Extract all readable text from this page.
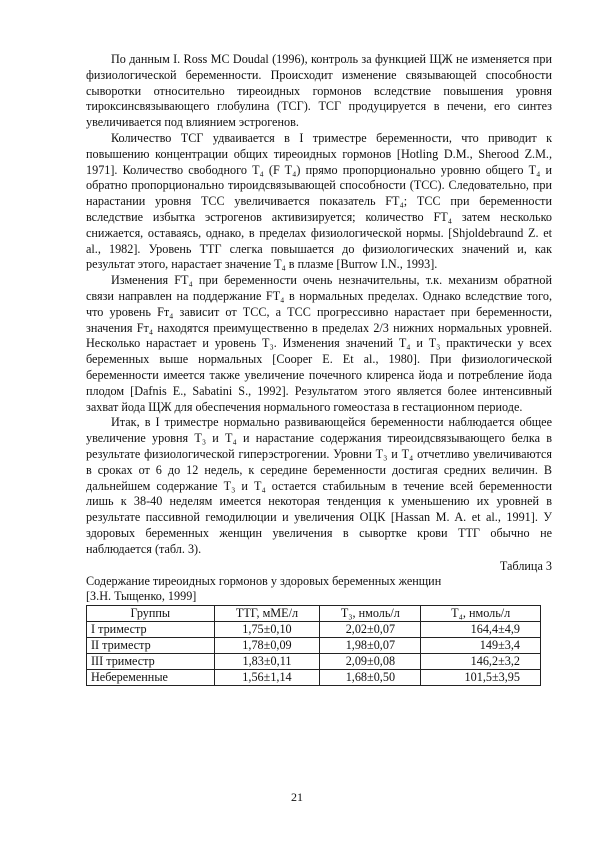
По данным I. Ross MC Doudal (1996), контроль за функцией ЩЖ не изменяется при физиологической беременности. Происходит изменение связывающей способности сыворотки относительно тиреоидных гормонов вследствие повышения уровня тироксинсвязывающего глобулина (ТСГ). ТСГ продуцируется в печени, его синтез увеличивается под влиянием эстрогенов.

Количество ТСГ удваивается в I триместре беременности, что приводит к повышению концентрации общих тиреоидных гормонов [Hotling D.M., Sherood Z.M., 1971]. Количество свободного T₄ (F T₄) прямо пропорционально уровню общего T₄ и обратно пропорционально тироидсвязывающей способности (ТСС). Следовательно, при нарастании уровня ТСС увеличивается показатель FT₄; ТСС при беременности вследствие избытка эстрогенов активизируется; количество FT₄ затем несколько снижается, оставаясь, однако, в пределах физиологической нормы. [Shjoldebraund Z. et al., 1982]. Уровень ТТГ слегка повышается до физиологических значений и, как результат этого, нарастает значение T₄ в плазме [Burrow I.N., 1993].

Изменения FT₄ при беременности очень незначительны, т.к. механизм обратной связи направлен на поддержание FT₄ в нормальных пределах. Однако вследствие того, что уровень Fт₄ зависит от ТСС, а ТСС прогрессивно нарастает при беременности, значения Fт₄ находятся преимущественно в пределах 2/3 нижних нормальных уровней. Несколько нарастает и уровень T₃. Изменения значений T₄ и T₃ практически у всех беременных выше нормальных [Cooper E. Et al., 1980]. При физиологической беременности имеется также увеличение почечного клиренса йода и потребление йода плодом [Dafnis E., Sabatini S., 1992]. Результатом этого является более интенсивный захват йода ЩЖ для обеспечения нормального гомеостаза в гестационном периоде.

Итак, в I триместре нормально развивающейся беременности наблюдается общее увеличение уровня T₃ и T₄ и нарастание содержания тиреоидсвязывающего белка в результате физиологической гиперэстрогении. Уровни T₃ и T₄ отчетливо увеличиваются в сроках от 6 до 12 недель, к середине беременности достигая средних величин. В дальнейшем содержание T₃ и T₄ остается стабильным в течение всей беременности лишь к 38-40 неделям имеется некоторая тенденция к уменьшению их уровней в результате пассивной гемодилюции и увеличения ОЦК [Hassan M. A. et al., 1991]. У здоровых беременных женщин увеличения в сывортке крови ТТГ обычно не наблюдается (табл. 3).

Таблица 3
Содержание тиреоидных гормонов у здоровых беременных женщин
[З.Н. Тыщенко, 1999]
Группы	ТТГ, мМЕ/л	T₃, нмоль/л	T₄, нмоль/л
I триместр	1,75±0,10	2,02±0,07	164,4±4,9
II триместр	1,78±0,09	1,98±0,07	149±3,4
III триместр	1,83±0,11	2,09±0,08	146,2±3,2
Небеременные	1,56±1,14	1,68±0,50	101,5±3,95
21
